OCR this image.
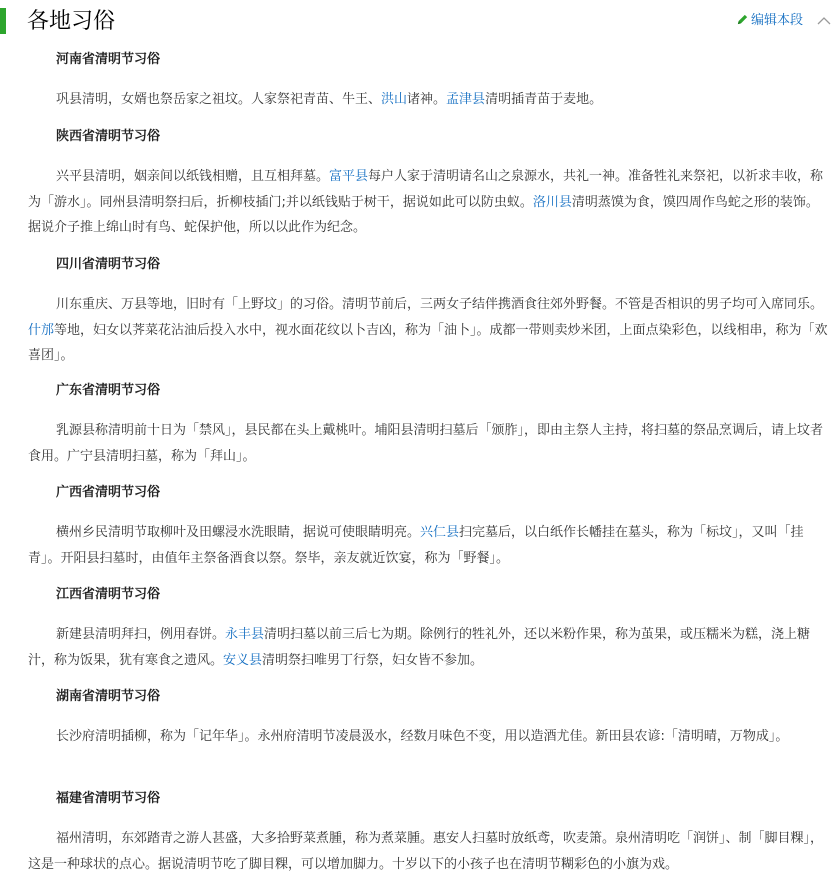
各地习俗	编辑本段
河南省清明节习俗

巩县清明，女婿也祭岳家之祖坟。人家祭祀青苗、牛王、洪山诸神。孟津县清明插青苗于麦地。

陕西省清明节习俗

兴平县清明，姻亲间以纸钱相赠，且互相拜墓。富平县每户人家于清明请名山之泉源水，共礼一神。准备牲礼来祭祀，以祈求丰收，称为「游水」。同州县清明祭扫后，折柳枝插门;并以纸钱贴于树干，据说如此可以防虫蚁。洛川县清明蒸馍为食，馍四周作鸟蛇之形的装饰。据说介子推上绵山时有鸟、蛇保护他，所以以此作为纪念。

四川省清明节习俗

川东重庆、万县等地，旧时有「上野坟」的习俗。清明节前后，三两女子结伴携酒食往郊外野餐。不管是否相识的男子均可入席同乐。什邡等地，妇女以荠菜花沾油后投入水中，视水面花纹以卜吉凶，称为「油卜」。成都一带则卖炒米团，上面点染彩色，以线相串，称为「欢喜团」。

广东省清明节习俗

乳源县称清明前十日为「禁风」，县民都在头上戴桃叶。埔阳县清明扫墓后「颁胙」，即由主祭人主持，将扫墓的祭品烹调后，请上坟者食用。广宁县清明扫墓，称为「拜山」。

广西省清明节习俗

横州乡民清明节取柳叶及田螺浸水洗眼睛，据说可使眼睛明亮。兴仁县扫完墓后，以白纸作长幡挂在墓头，称为「标坟」，又叫「挂青」。开阳县扫墓时，由值年主祭备酒食以祭。祭毕，亲友就近饮宴，称为「野餐」。

江西省清明节习俗

新建县清明拜扫，例用春饼。永丰县清明扫墓以前三后七为期。除例行的牲礼外，还以米粉作果，称为茧果，或压糯米为糕，浇上糖汁，称为饭果，犹有寒食之遗风。安义县清明祭扫唯男丁行祭，妇女皆不参加。

湖南省清明节习俗

长沙府清明插柳，称为「记年华」。永州府清明节凌晨汲水，经数月味色不变，用以造酒尤佳。新田县农谚:「清明晴，万物成」。

福建省清明节习俗

福州清明，东郊踏青之游人甚盛，大多拾野菜煮腫，称为煮菜腫。惠安人扫墓时放纸鸢，吹麦箫。泉州清明吃「润饼」、制「脚目粿」，这是一种球状的点心。据说清明节吃了脚目粿，可以增加脚力。十岁以下的小孩子也在清明节糊彩色的小旗为戏。
